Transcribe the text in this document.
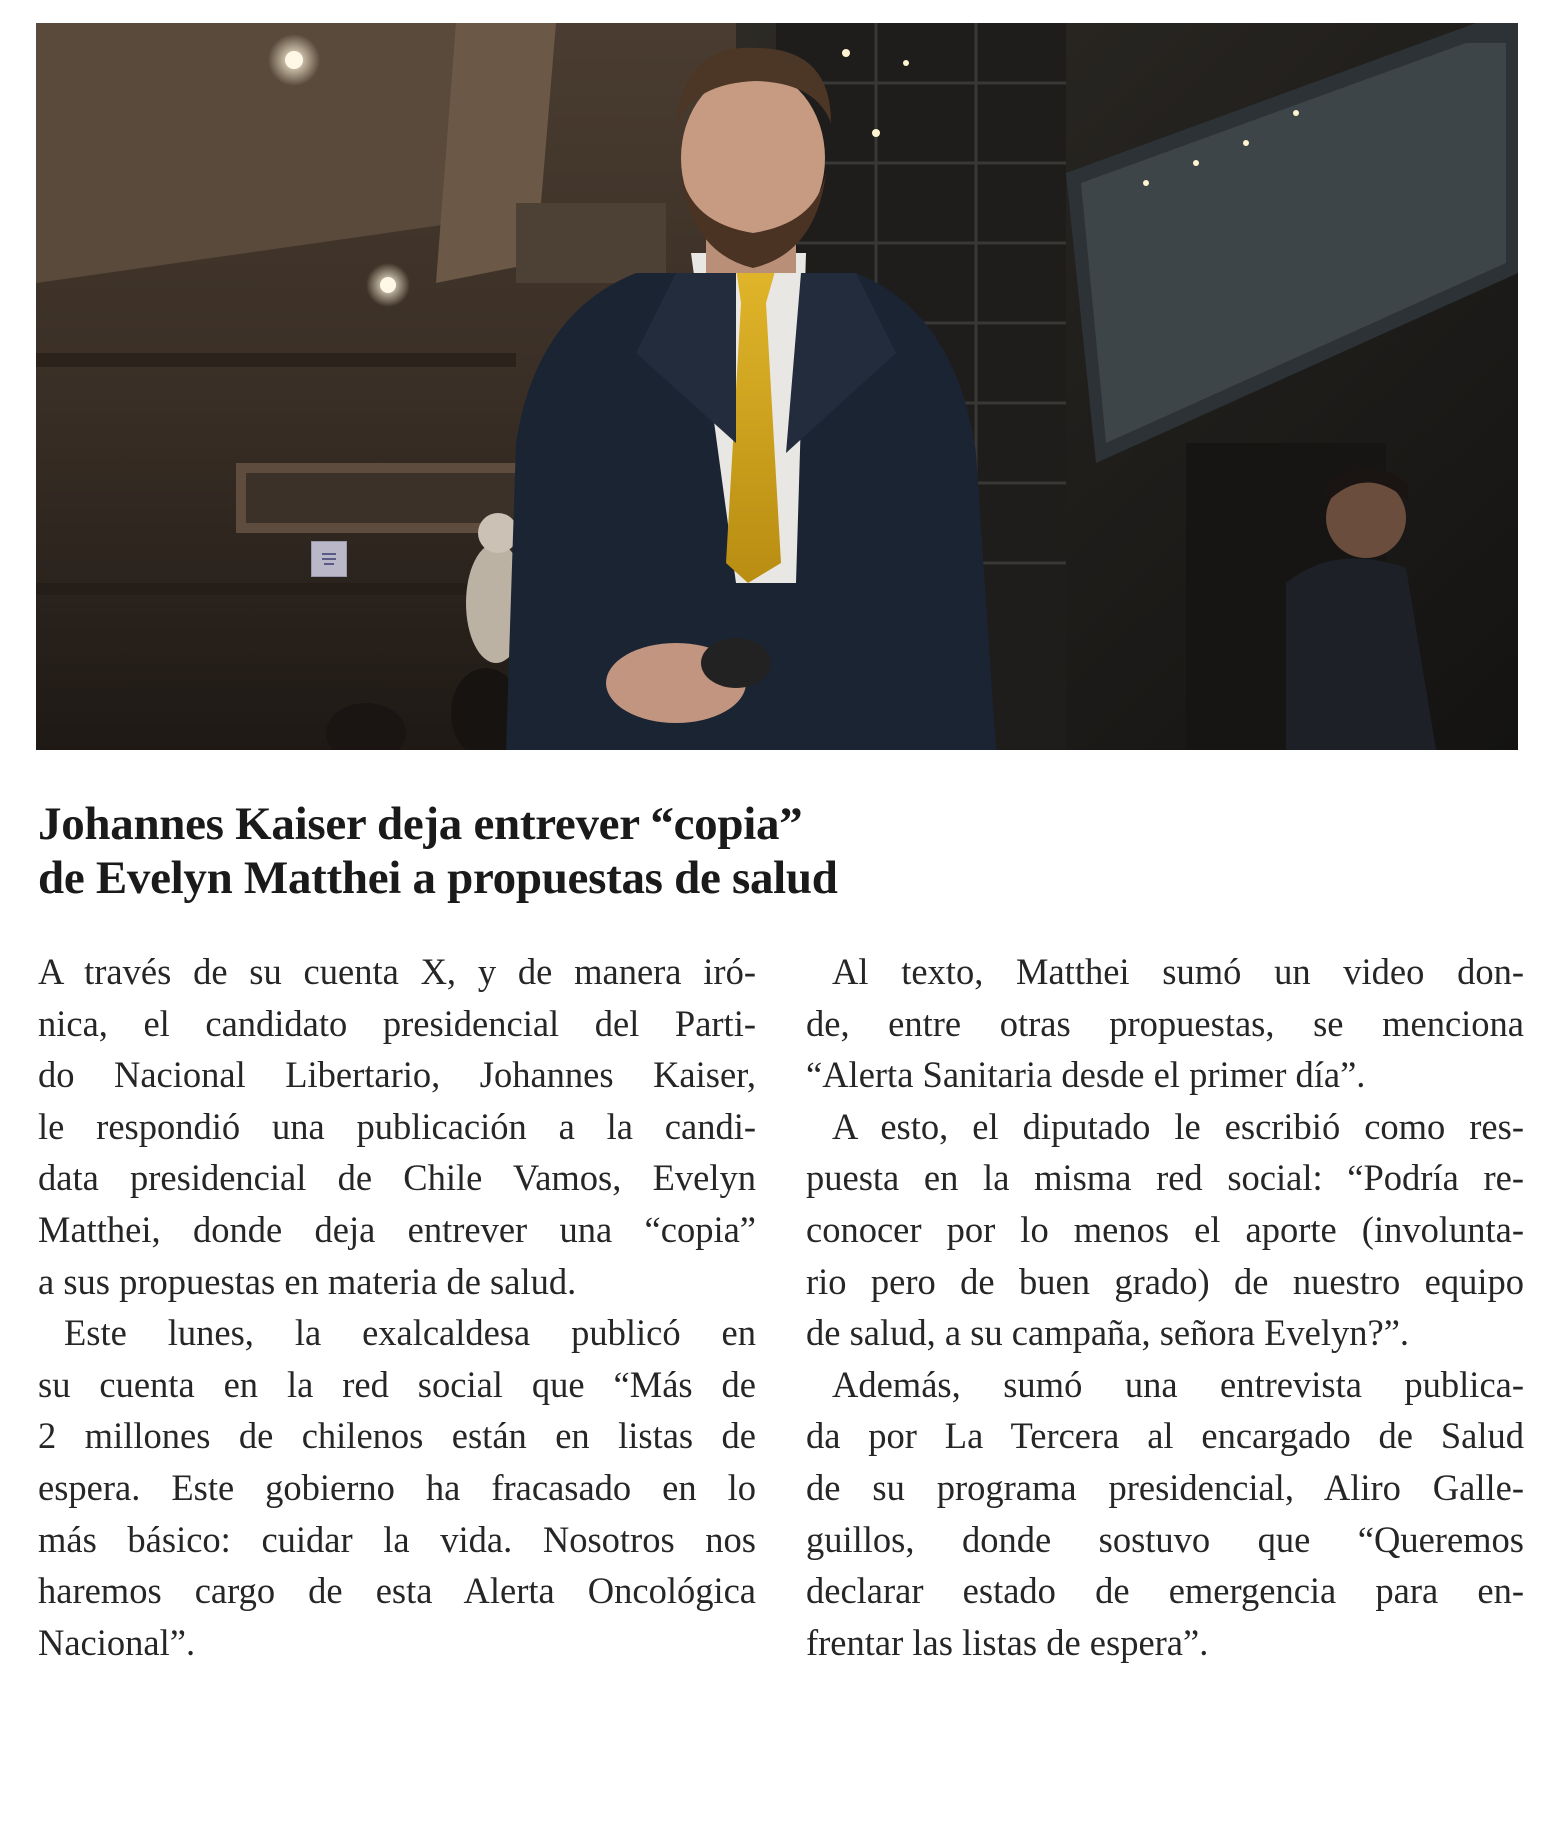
Johannes Kaiser deja entrever “copia”
de Evelyn Matthei a propuestas de salud
A través de su cuenta X, y de manera iró-
nica, el candidato presidencial del Parti-
do Nacional Libertario, Johannes Kaiser,
le respondió una publicación a la candi-
data presidencial de Chile Vamos, Evelyn
Matthei, donde deja entrever una “copia”
a sus propuestas en materia de salud.
Este lunes, la exalcaldesa publicó en
su cuenta en la red social que “Más de
2 millones de chilenos están en listas de
espera. Este gobierno ha fracasado en lo
más básico: cuidar la vida. Nosotros nos
haremos cargo de esta Alerta Oncológica
Nacional”.
Al texto, Matthei sumó un video don-
de, entre otras propuestas, se menciona
“Alerta Sanitaria desde el primer día”.
A esto, el diputado le escribió como res-
puesta en la misma red social: “Podría re-
conocer por lo menos el aporte (involunta-
rio pero de buen grado) de nuestro equipo
de salud, a su campaña, señora Evelyn?”.
Además, sumó una entrevista publica-
da por La Tercera al encargado de Salud
de su programa presidencial, Aliro Galle-
guillos, donde sostuvo que “Queremos
declarar estado de emergencia para en-
frentar las listas de espera”.
